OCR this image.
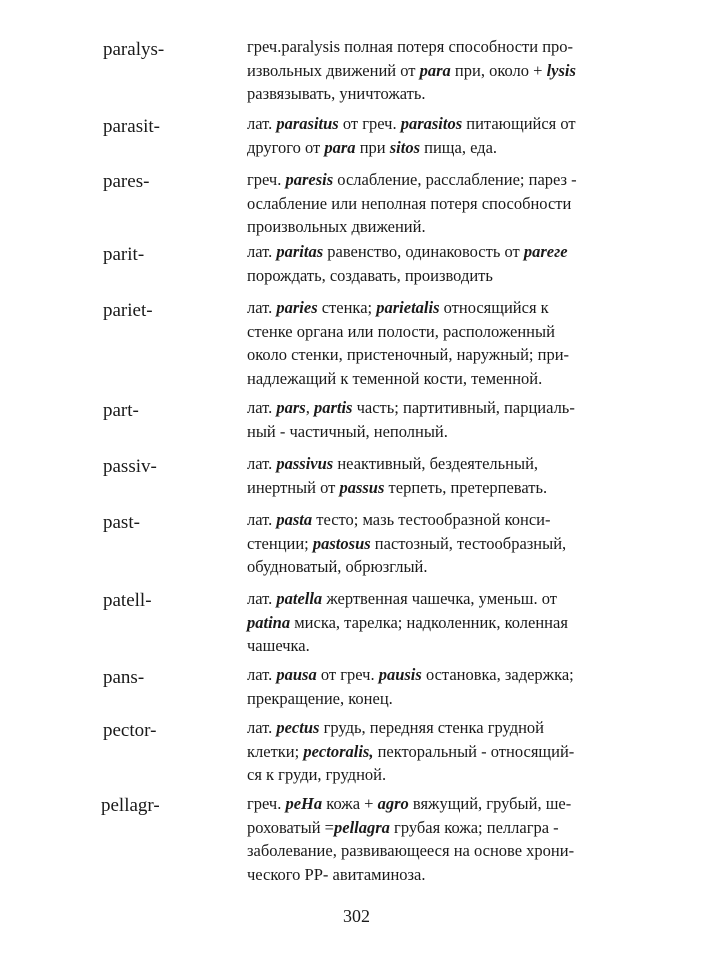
paralys-	греч.paralysis полная потеря способности про-
извольных движений от para при, около + lysis
развязывать, уничтожать.
parasit-	лат. parasitus от греч. parasitos питающийся от
другого от para при sitos пища, еда.
pares-	греч. paresis ослабление, расслабление; парез -
ослабление или неполная потеря способности
произвольных движений.
parit-	лат. paritas равенство, одинаковость от pareгe
порождать, создавать, производить
pariet-	лат. paries стенка; parietalis относящийся к
стенке органа или полости, расположенный
около стенки, пристеночный, наружный; при-
надлежащий к теменной кости, теменной.
part-	лат. pars, partis часть; партитивный, парциаль-
ный - частичный, неполный.
passiv-	лат. passivus неактивный, бездеятельный,
инертный от passus терпеть, претерпевать.
past-	лат. pasta тесто; мазь тестообразной конси-
стенции; pastosus пастозный, тестообразный,
обудноватый, обрюзглый.
patell-	лат. patella жертвенная чашечка, уменьш. от
patina миска, тарелка; надколенник, коленная
чашечка.
pans-	лат. pausa от греч. pausis остановка, задержка;
прекращение, конец.
pector-	лат. pectus грудь, передняя стенка грудной
клетки; pectoralis, пекторальный - относящий-
ся к груди, грудной.
pellagr-	греч. peHa кожа + agro вяжущий, грубый, ше-
роховатый =pellagra грубая кожа; пеллагра -
заболевание, развивающееся на основе хрони-
ческого PP- авитаминоза.
302
